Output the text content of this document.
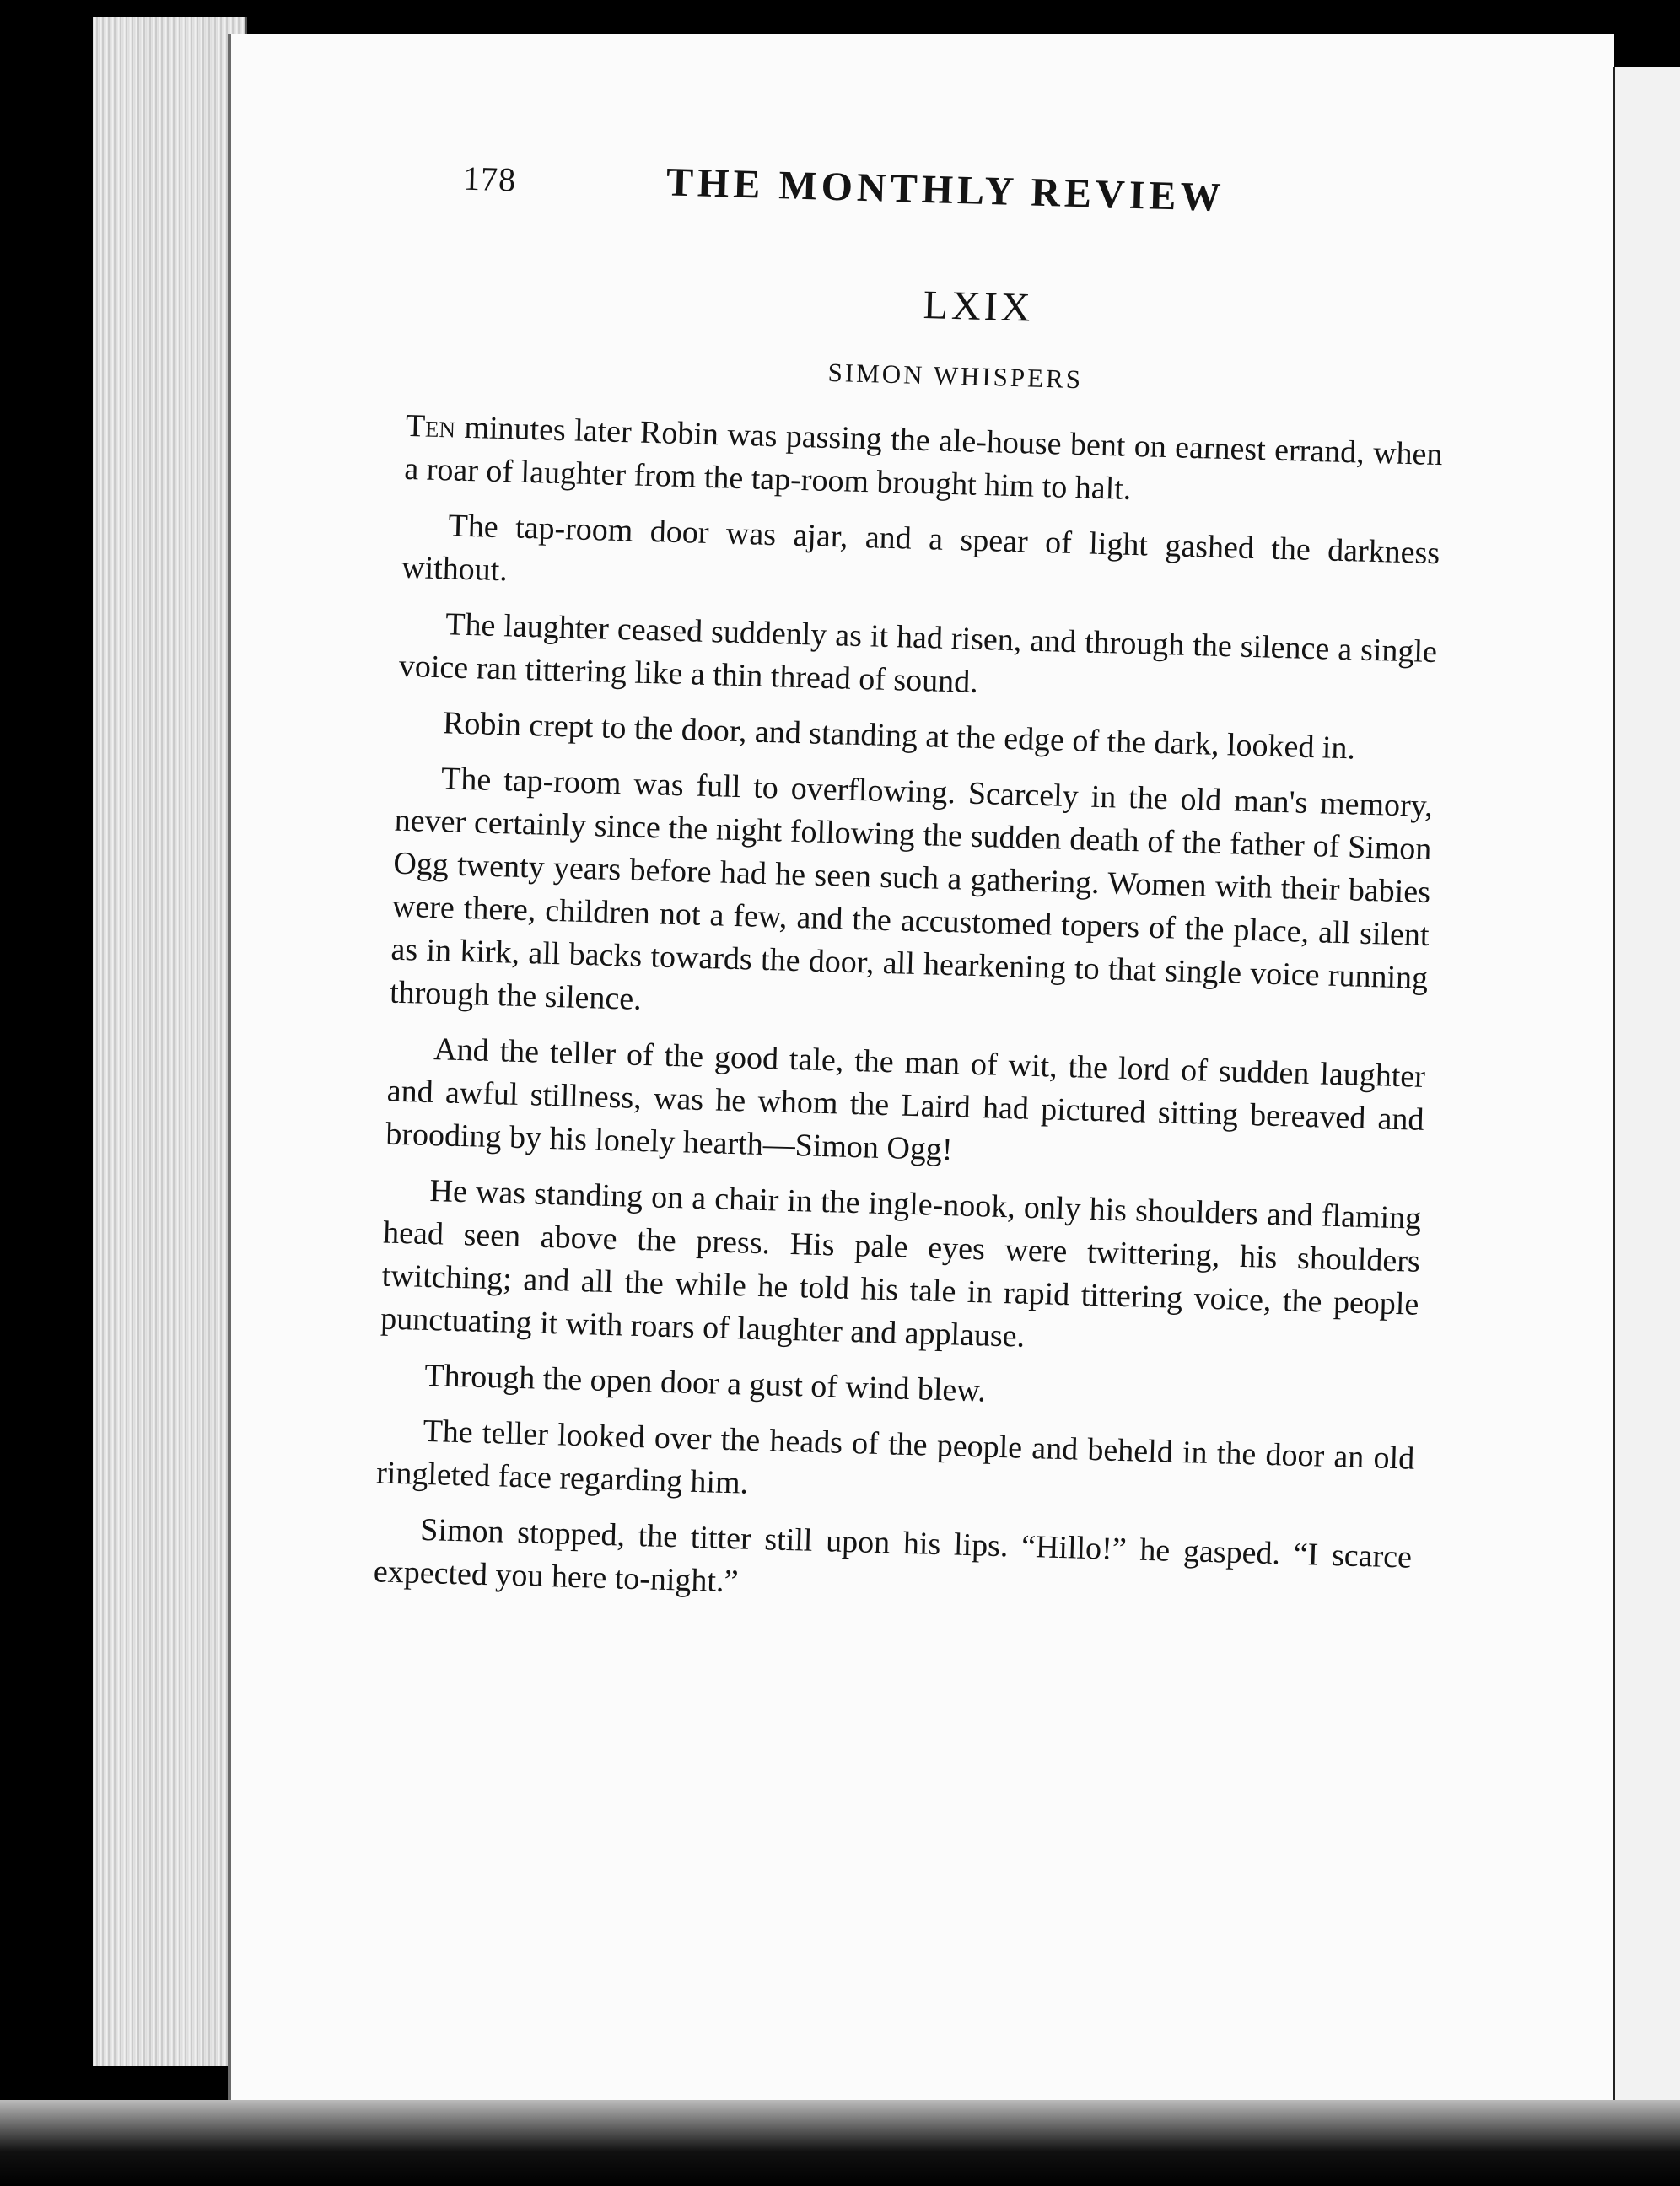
178	THE MONTHLY REVIEW
LXIX
SIMON WHISPERS

Ten minutes later Robin was passing the ale-house bent on earnest errand, when a roar of laughter from the tap-room brought him to halt.

The tap-room door was ajar, and a spear of light gashed the darkness without.

The laughter ceased suddenly as it had risen, and through the silence a single voice ran tittering like a thin thread of sound.

Robin crept to the door, and standing at the edge of the dark, looked in.

The tap-room was full to overflowing. Scarcely in the old man's memory, never certainly since the night following the sudden death of the father of Simon Ogg twenty years before had he seen such a gathering. Women with their babies were there, children not a few, and the accustomed topers of the place, all silent as in kirk, all backs towards the door, all hearkening to that single voice running through the silence.

And the teller of the good tale, the man of wit, the lord of sudden laughter and awful stillness, was he whom the Laird had pictured sitting bereaved and brooding by his lonely hearth—Simon Ogg!

He was standing on a chair in the ingle-nook, only his shoulders and flaming head seen above the press. His pale eyes were twittering, his shoulders twitching; and all the while he told his tale in rapid tittering voice, the people punctuating it with roars of laughter and applause.

Through the open door a gust of wind blew.

The teller looked over the heads of the people and beheld in the door an old ringleted face regarding him.

Simon stopped, the titter still upon his lips. “Hillo!” he gasped. “I scarce expected you here to-night.”
